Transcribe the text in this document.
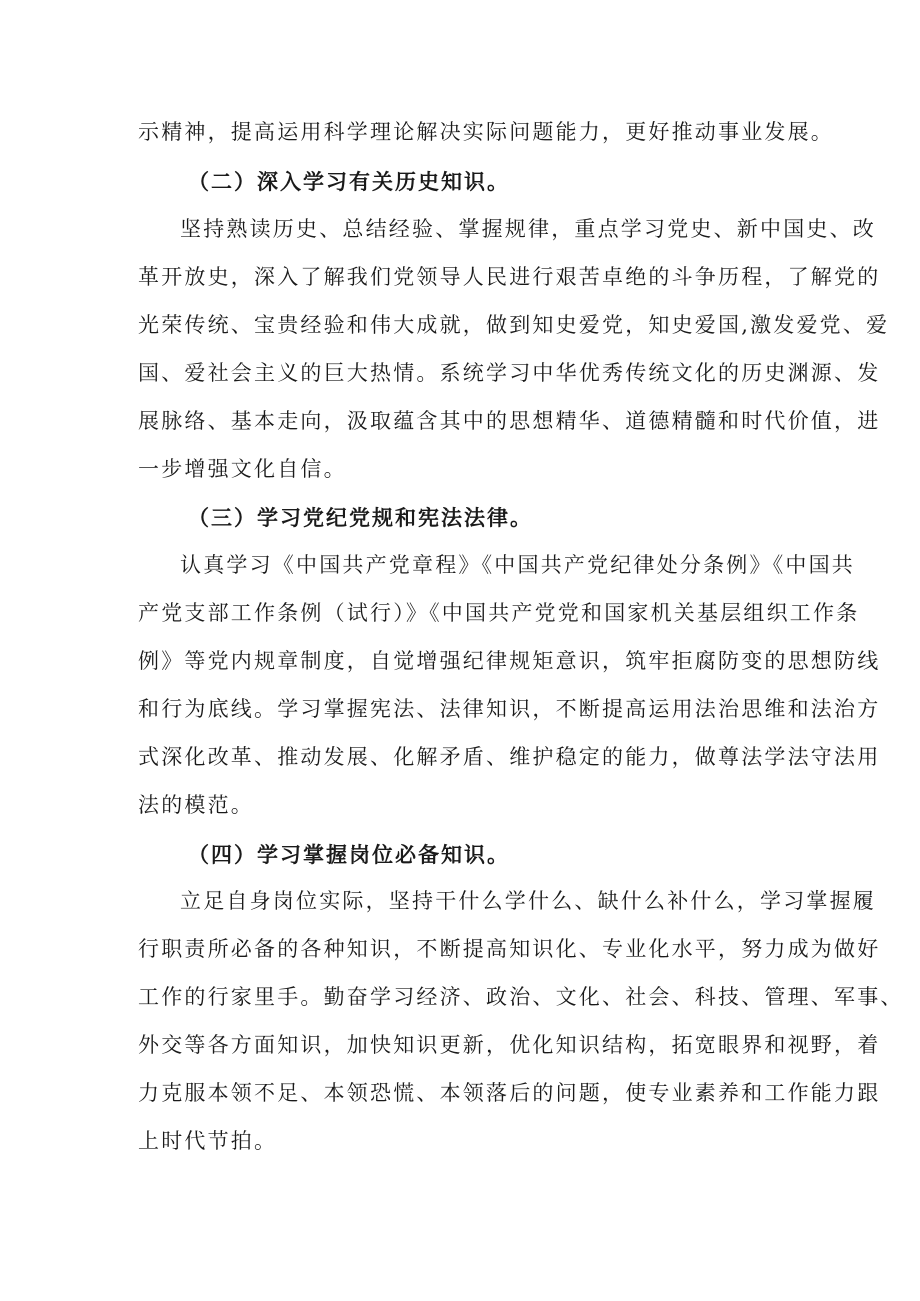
示精神，提高运用科学理论解决实际问题能力，更好推动事业发展。
（二）深入学习有关历史知识。
坚持熟读历史、总结经验、掌握规律，重点学习党史、新中国史、改
革开放史，深入了解我们党领导人民进行艰苦卓绝的斗争历程，了解党的
光荣传统、宝贵经验和伟大成就，做到知史爱党，知史爱国,激发爱党、爱
国、爱社会主义的巨大热情。系统学习中华优秀传统文化的历史渊源、发
展脉络、基本走向，汲取蕴含其中的思想精华、道德精髓和时代价值，进
一步增强文化自信。
（三）学习党纪党规和宪法法律。
认真学习《中国共产党章程》《中国共产党纪律处分条例》《中国共
产党支部工作条例（试行）》《中国共产党党和国家机关基层组织工作条
例》等党内规章制度，自觉增强纪律规矩意识，筑牢拒腐防变的思想防线
和行为底线。学习掌握宪法、法律知识，不断提高运用法治思维和法治方
式深化改革、推动发展、化解矛盾、维护稳定的能力，做尊法学法守法用
法的模范。
（四）学习掌握岗位必备知识。
立足自身岗位实际，坚持干什么学什么、缺什么补什么，学习掌握履
行职责所必备的各种知识，不断提高知识化、专业化水平，努力成为做好
工作的行家里手。勤奋学习经济、政治、文化、社会、科技、管理、军事、
外交等各方面知识，加快知识更新，优化知识结构，拓宽眼界和视野，着
力克服本领不足、本领恐慌、本领落后的问题，使专业素养和工作能力跟
上时代节拍。
